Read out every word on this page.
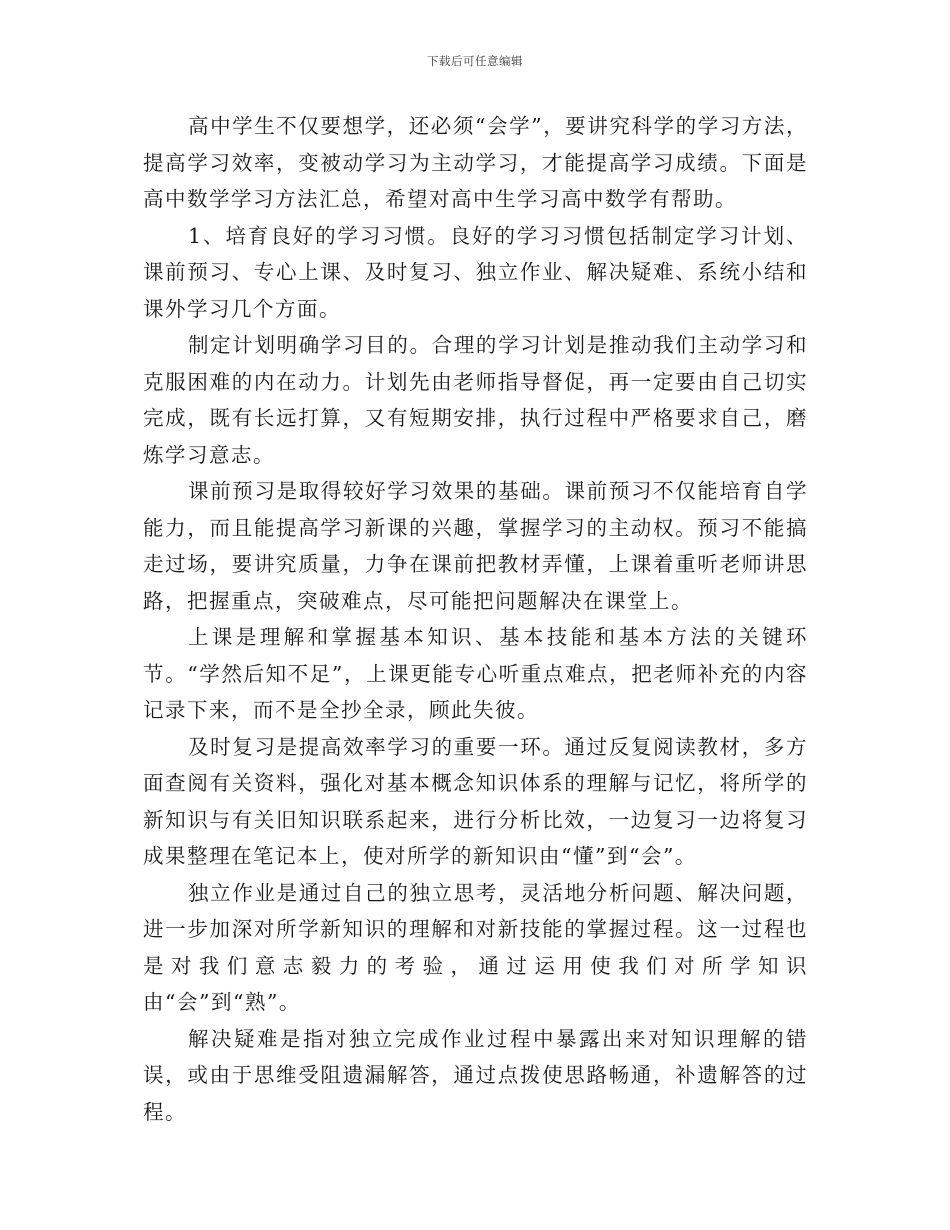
下载后可任意编辑

高中学生不仅要想学，还必须“会学”，要讲究科学的学习方法，提高学习效率，变被动学习为主动学习，才能提高学习成绩。下面是高中数学学习方法汇总，希望对高中生学习高中数学有帮助。

1、培育良好的学习习惯。良好的学习习惯包括制定学习计划、课前预习、专心上课、及时复习、独立作业、解决疑难、系统小结和课外学习几个方面。

制定计划明确学习目的。合理的学习计划是推动我们主动学习和克服困难的内在动力。计划先由老师指导督促，再一定要由自己切实完成，既有长远打算，又有短期安排，执行过程中严格要求自己，磨炼学习意志。

课前预习是取得较好学习效果的基础。课前预习不仅能培育自学能力，而且能提高学习新课的兴趣，掌握学习的主动权。预习不能搞走过场，要讲究质量，力争在课前把教材弄懂，上课着重听老师讲思路，把握重点，突破难点，尽可能把问题解决在课堂上。

上课是理解和掌握基本知识、基本技能和基本方法的关键环节。“学然后知不足”，上课更能专心听重点难点，把老师补充的内容记录下来，而不是全抄全录，顾此失彼。

及时复习是提高效率学习的重要一环。通过反复阅读教材，多方面查阅有关资料，强化对基本概念知识体系的理解与记忆，将所学的新知识与有关旧知识联系起来，进行分析比效，一边复习一边将复习成果整理在笔记本上，使对所学的新知识由“懂”到“会”。

独立作业是通过自己的独立思考，灵活地分析问题、解决问题，进一步加深对所学新知识的理解和对新技能的掌握过程。这一过程也是对我们意志毅力的考验，通过运用使我们对所学知识由“会”到“熟”。

解决疑难是指对独立完成作业过程中暴露出来对知识理解的错误，或由于思维受阻遗漏解答，通过点拨使思路畅通，补遗解答的过程。
